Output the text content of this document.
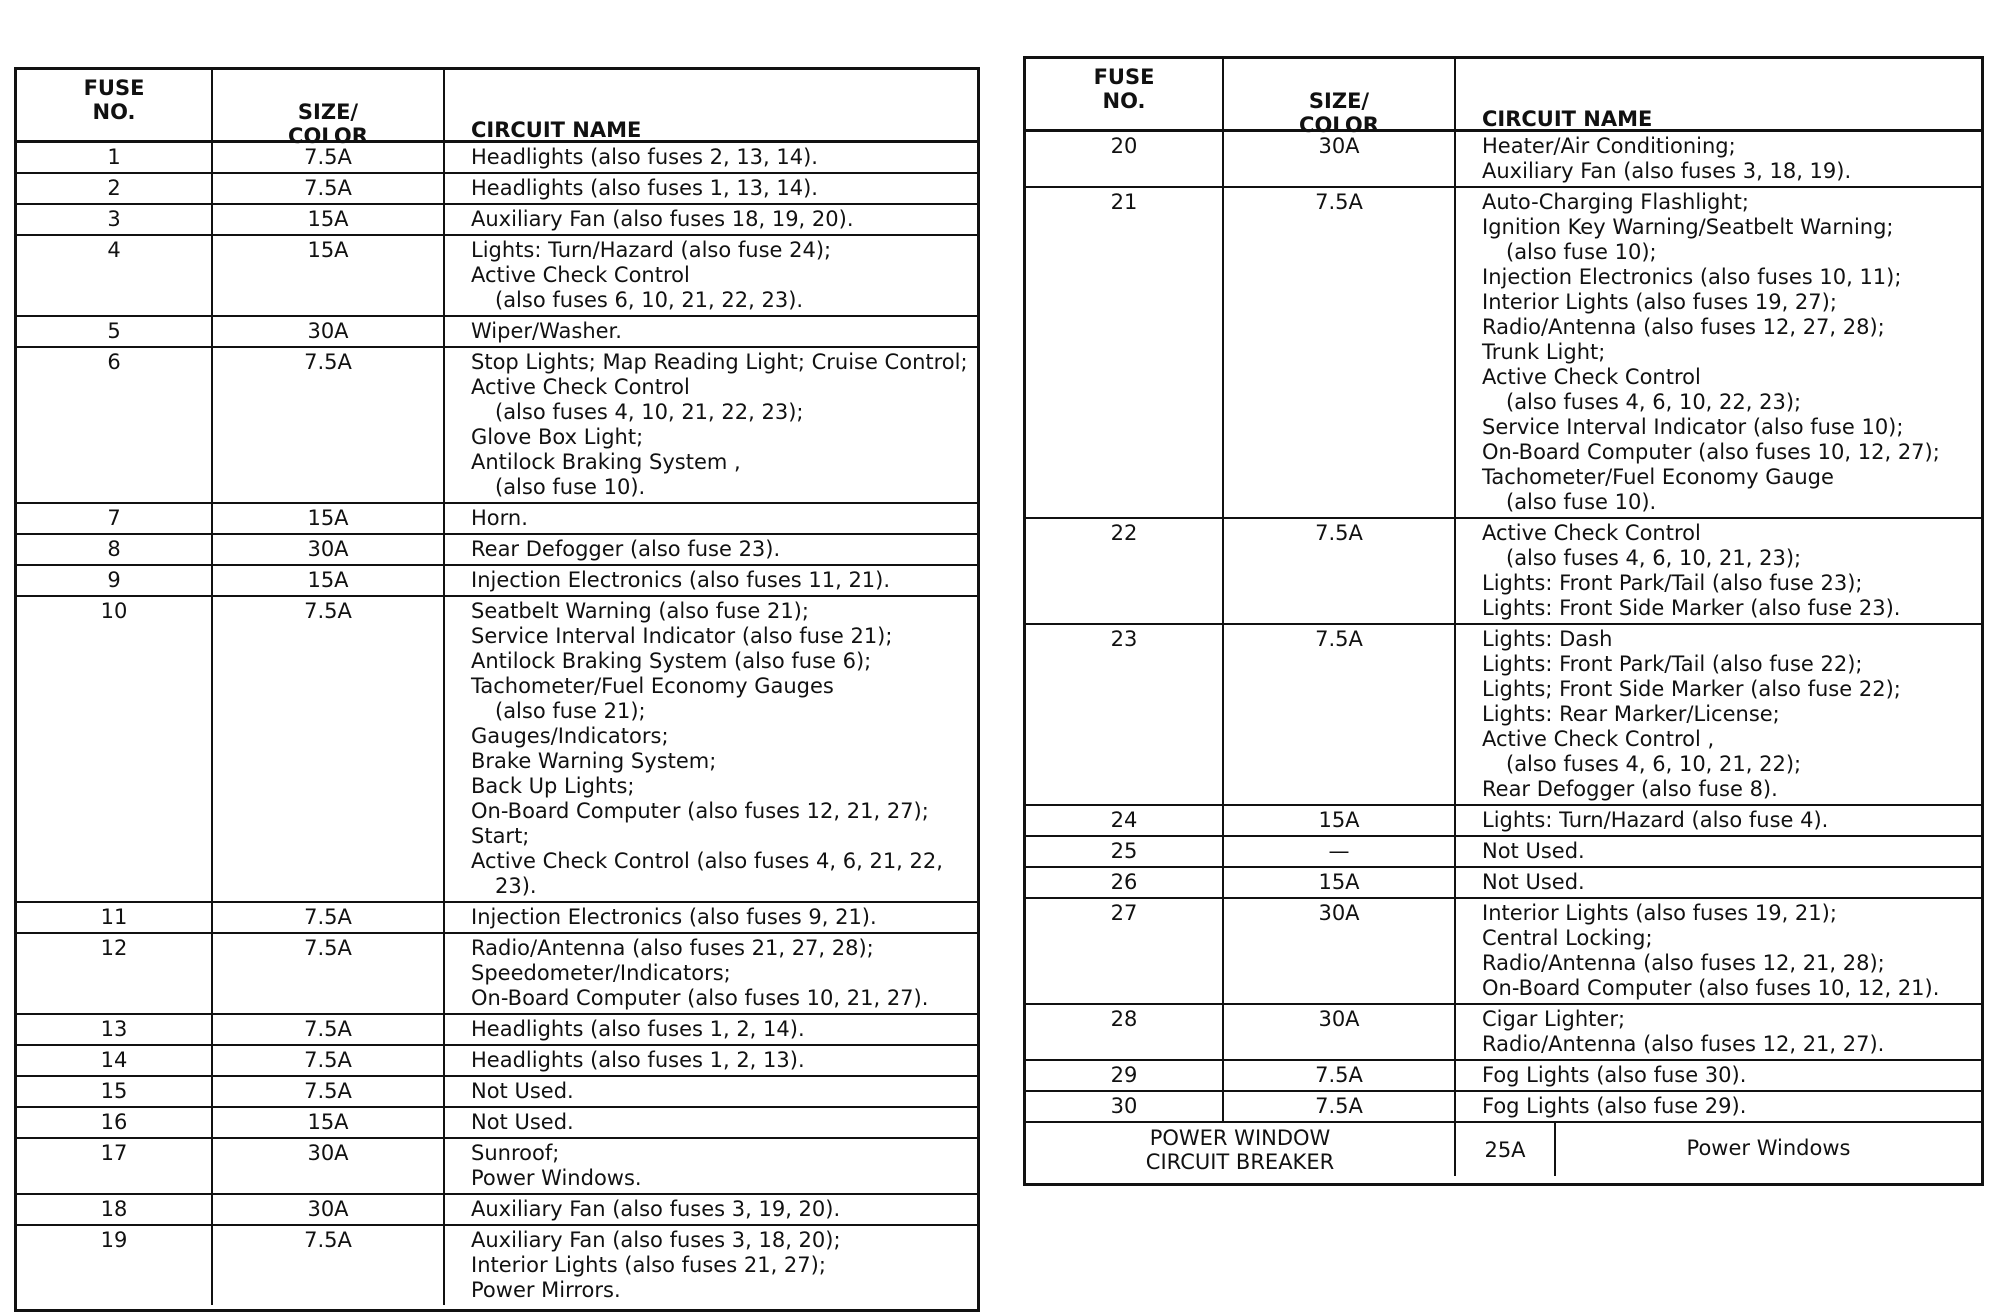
FUSE
NO.	SIZE/
COLOR	CIRCUIT NAME
1	7.5A	Headlights (also fuses 2, 13, 14).
2	7.5A	Headlights (also fuses 1, 13, 14).
3	15A	Auxiliary Fan (also fuses 18, 19, 20).
4	15A	Lights: Turn/Hazard (also fuse 24);
Active Check Control
(also fuses 6, 10, 21, 22, 23).
5	30A	Wiper/Washer.
6	7.5A	Stop Lights; Map Reading Light; Cruise Control;
Active Check Control
(also fuses 4, 10, 21, 22, 23);
Glove Box Light;
Antilock Braking System ,
(also fuse 10).
7	15A	Horn.
8	30A	Rear Defogger (also fuse 23).
9	15A	Injection Electronics (also fuses 11, 21).
10	7.5A	Seatbelt Warning (also fuse 21);
Service Interval Indicator (also fuse 21);
Antilock Braking System (also fuse 6);
Tachometer/Fuel Economy Gauges
(also fuse 21);
Gauges/Indicators;
Brake Warning System;
Back Up Lights;
On-Board Computer (also fuses 12, 21, 27);
Start;
Active Check Control (also fuses 4, 6, 21, 22,
23).
11	7.5A	Injection Electronics (also fuses 9, 21).
12	7.5A	Radio/Antenna (also fuses 21, 27, 28);
Speedometer/Indicators;
On-Board Computer (also fuses 10, 21, 27).
13	7.5A	Headlights (also fuses 1, 2, 14).
14	7.5A	Headlights (also fuses 1, 2, 13).
15	7.5A	Not Used.
16	15A	Not Used.
17	30A	Sunroof;
Power Windows.
18	30A	Auxiliary Fan (also fuses 3, 19, 20).
19	7.5A	Auxiliary Fan (also fuses 3, 18, 20);
Interior Lights (also fuses 21, 27);
Power Mirrors.
FUSE
NO.	SIZE/
COLOR	CIRCUIT NAME
20	30A	Heater/Air Conditioning;
Auxiliary Fan (also fuses 3, 18, 19).
21	7.5A	Auto-Charging Flashlight;
Ignition Key Warning/Seatbelt Warning;
(also fuse 10);
Injection Electronics (also fuses 10, 11);
Interior Lights (also fuses 19, 27);
Radio/Antenna (also fuses 12, 27, 28);
Trunk Light;
Active Check Control
(also fuses 4, 6, 10, 22, 23);
Service Interval Indicator (also fuse 10);
On-Board Computer (also fuses 10, 12, 27);
Tachometer/Fuel Economy Gauge
(also fuse 10).
22	7.5A	Active Check Control
(also fuses 4, 6, 10, 21, 23);
Lights: Front Park/Tail (also fuse 23);
Lights: Front Side Marker (also fuse 23).
23	7.5A	Lights: Dash
Lights: Front Park/Tail (also fuse 22);
Lights; Front Side Marker (also fuse 22);
Lights: Rear Marker/License;
Active Check Control ,
(also fuses 4, 6, 10, 21, 22);
Rear Defogger (also fuse 8).
24	15A	Lights: Turn/Hazard (also fuse 4).
25	—	Not Used.
26	15A	Not Used.
27	30A	Interior Lights (also fuses 19, 21);
Central Locking;
Radio/Antenna (also fuses 12, 21, 28);
On-Board Computer (also fuses 10, 12, 21).
28	30A	Cigar Lighter;
Radio/Antenna (also fuses 12, 21, 27).
29	7.5A	Fog Lights (also fuse 30).
30	7.5A	Fog Lights (also fuse 29).
POWER WINDOW
CIRCUIT BREAKER	25A	Power Windows
